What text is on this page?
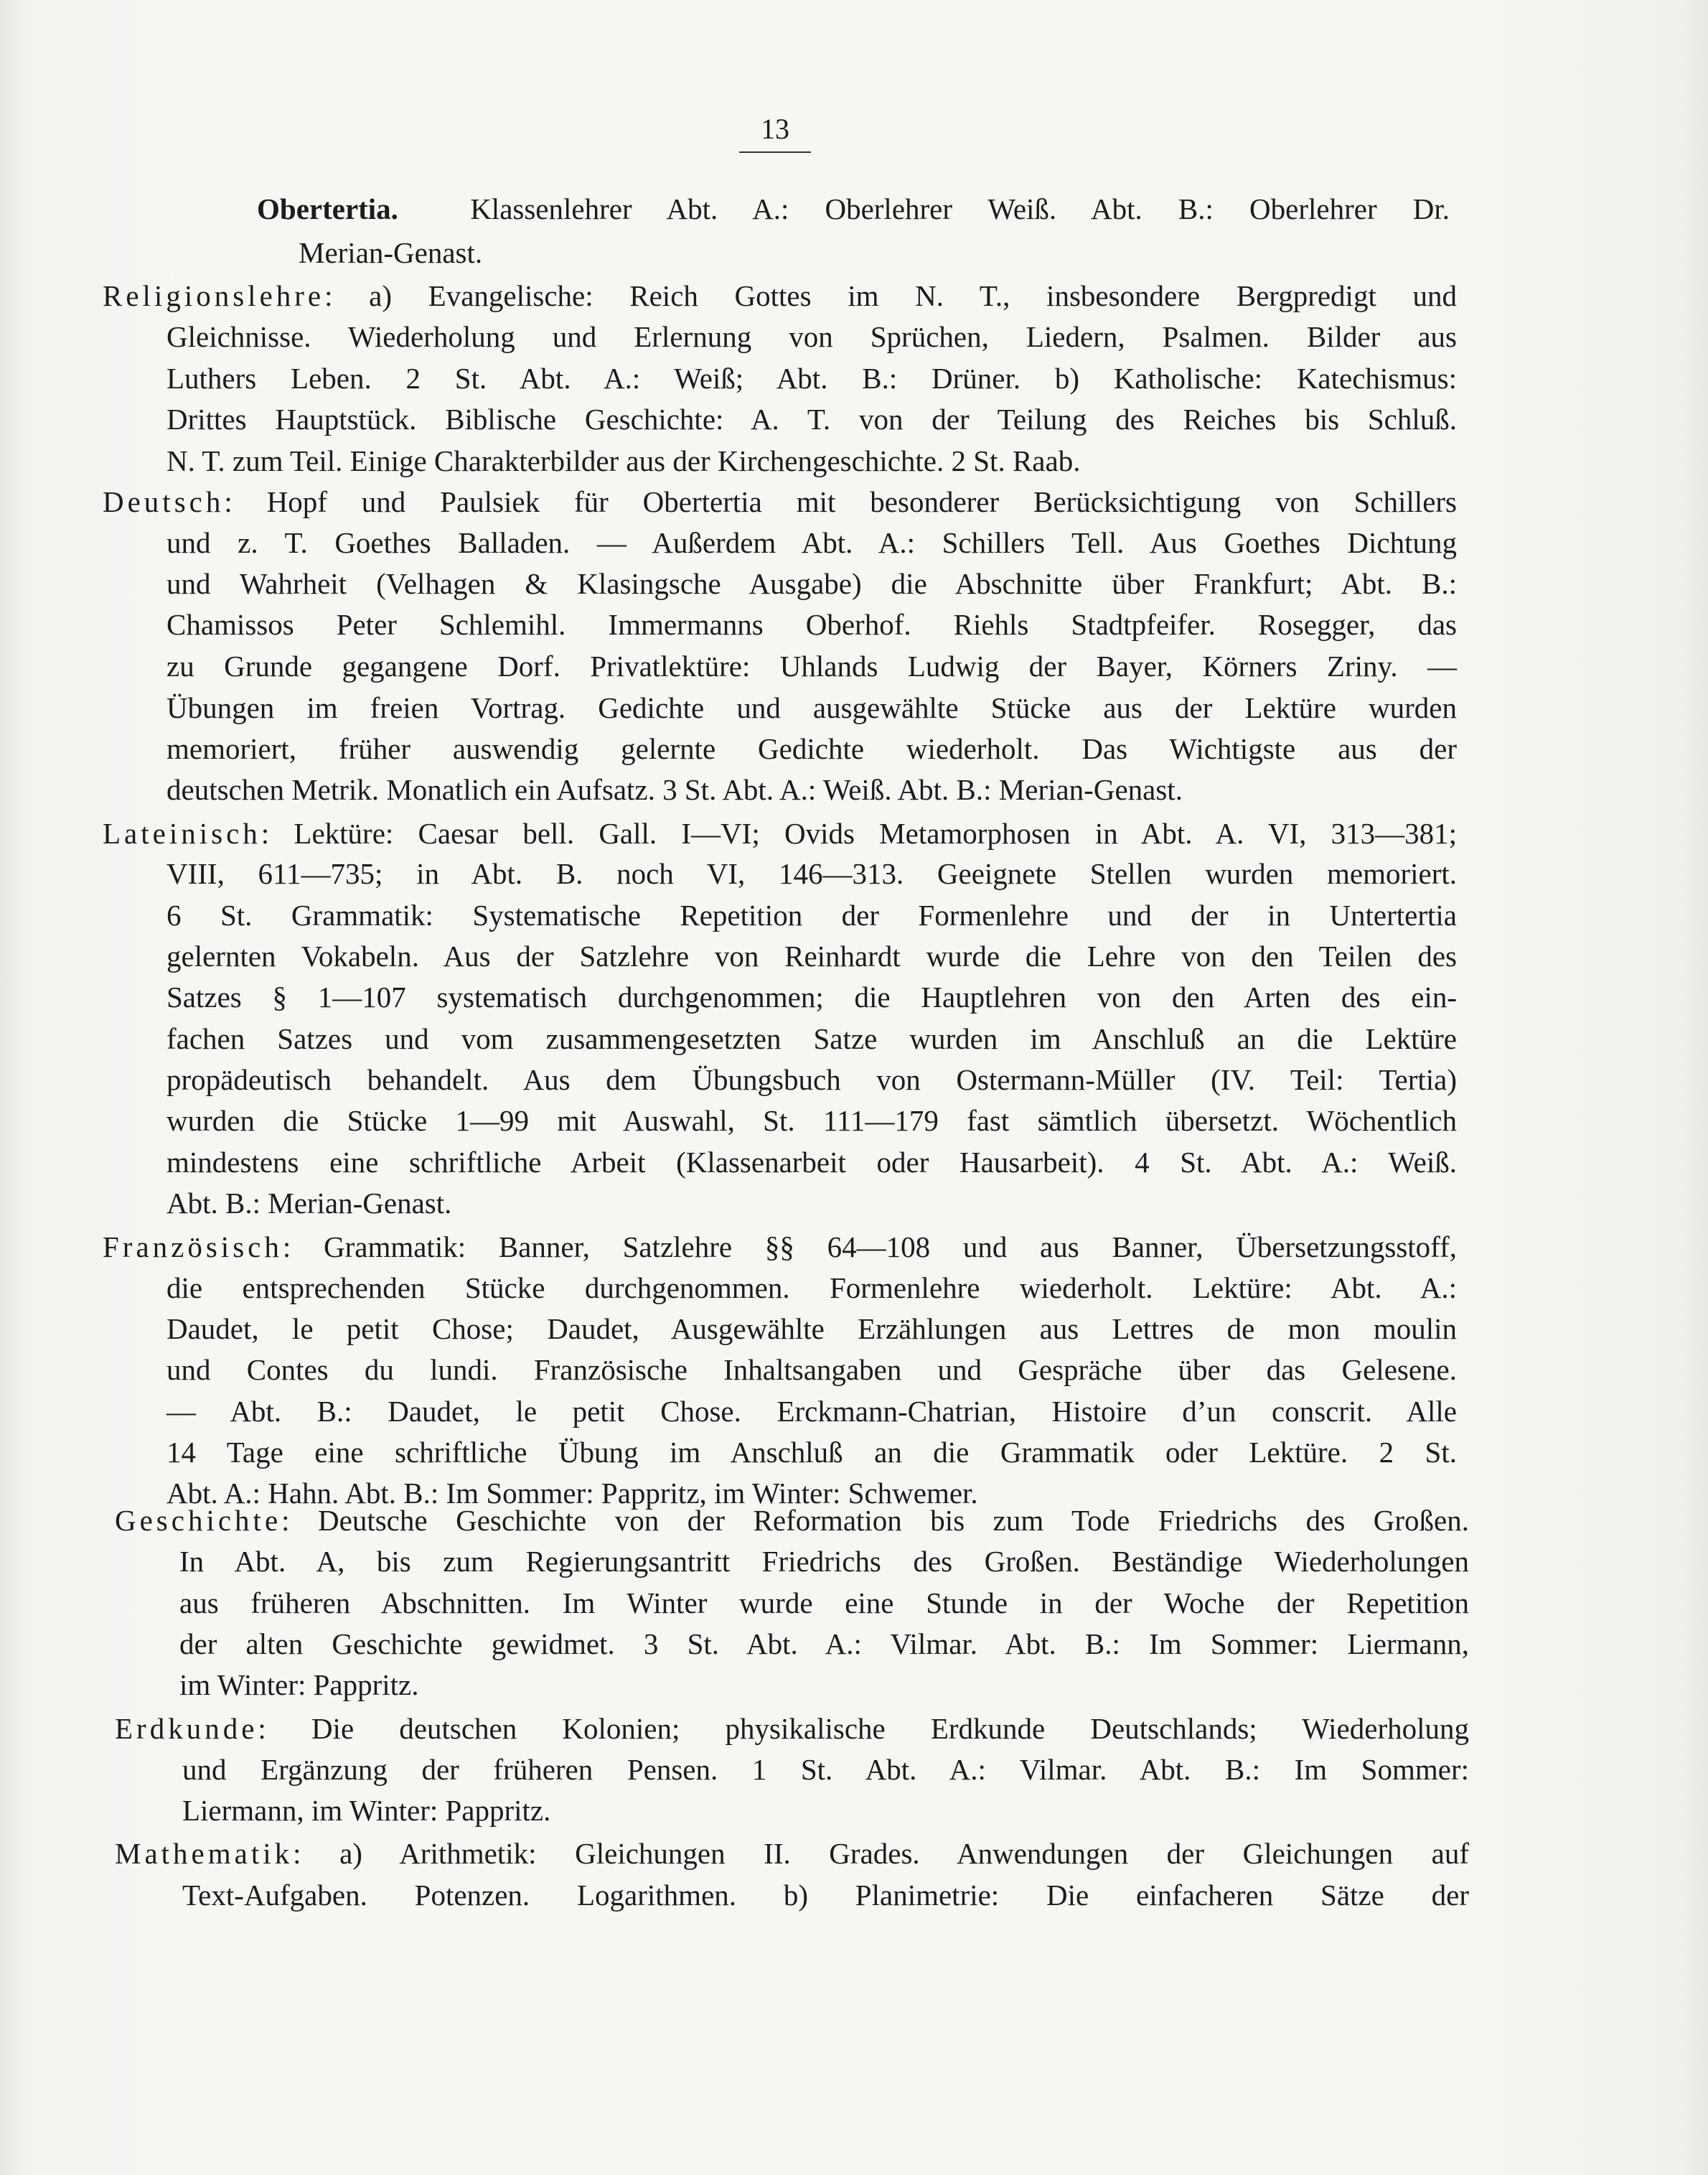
13
Obertertia. Klassenlehrer Abt. A.: Oberlehrer Weiß. Abt. B.: Oberlehrer Dr.
Merian-Genast.
Religionslehre: a) Evangelische: Reich Gottes im N. T., insbesondere Bergpredigt und
Gleichnisse. Wiederholung und Erlernung von Sprüchen, Liedern, Psalmen. Bilder aus
Luthers Leben. 2 St. Abt. A.: Weiß; Abt. B.: Drüner. b) Katholische: Katechismus:
Drittes Hauptstück. Biblische Geschichte: A. T. von der Teilung des Reiches bis Schluß.
N. T. zum Teil. Einige Charakterbilder aus der Kirchengeschichte. 2 St. Raab.
Deutsch: Hopf und Paulsiek für Obertertia mit besonderer Berücksichtigung von Schillers
und z. T. Goethes Balladen. — Außerdem Abt. A.: Schillers Tell. Aus Goethes Dichtung
und Wahrheit (Velhagen & Klasingsche Ausgabe) die Abschnitte über Frankfurt; Abt. B.:
Chamissos Peter Schlemihl. Immermanns Oberhof. Riehls Stadtpfeifer. Rosegger, das
zu Grunde gegangene Dorf. Privatlektüre: Uhlands Ludwig der Bayer, Körners Zriny. —
Übungen im freien Vortrag. Gedichte und ausgewählte Stücke aus der Lektüre wurden
memoriert, früher auswendig gelernte Gedichte wiederholt. Das Wichtigste aus der
deutschen Metrik. Monatlich ein Aufsatz. 3 St. Abt. A.: Weiß. Abt. B.: Merian-Genast.
Lateinisch: Lektüre: Caesar bell. Gall. I—VI; Ovids Metamorphosen in Abt. A. VI, 313—381;
VIII, 611—735; in Abt. B. noch VI, 146—313. Geeignete Stellen wurden memoriert.
6 St. Grammatik: Systematische Repetition der Formenlehre und der in Untertertia
gelernten Vokabeln. Aus der Satzlehre von Reinhardt wurde die Lehre von den Teilen des
Satzes § 1—107 systematisch durchgenommen; die Hauptlehren von den Arten des ein-
fachen Satzes und vom zusammengesetzten Satze wurden im Anschluß an die Lektüre
propädeutisch behandelt. Aus dem Übungsbuch von Ostermann-Müller (IV. Teil: Tertia)
wurden die Stücke 1—99 mit Auswahl, St. 111—179 fast sämtlich übersetzt. Wöchentlich
mindestens eine schriftliche Arbeit (Klassenarbeit oder Hausarbeit). 4 St. Abt. A.: Weiß.
Abt. B.: Merian-Genast.
Französisch: Grammatik: Banner, Satzlehre §§ 64—108 und aus Banner, Übersetzungsstoff,
die entsprechenden Stücke durchgenommen. Formenlehre wiederholt. Lektüre: Abt. A.:
Daudet, le petit Chose; Daudet, Ausgewählte Erzählungen aus Lettres de mon moulin
und Contes du lundi. Französische Inhaltsangaben und Gespräche über das Gelesene.
— Abt. B.: Daudet, le petit Chose. Erckmann-Chatrian, Histoire d’un conscrit. Alle
14 Tage eine schriftliche Übung im Anschluß an die Grammatik oder Lektüre. 2 St.
Abt. A.: Hahn. Abt. B.: Im Sommer: Pappritz, im Winter: Schwemer.
Geschichte: Deutsche Geschichte von der Reformation bis zum Tode Friedrichs des Großen.
In Abt. A, bis zum Regierungsantritt Friedrichs des Großen. Beständige Wiederholungen
aus früheren Abschnitten. Im Winter wurde eine Stunde in der Woche der Repetition
der alten Geschichte gewidmet. 3 St. Abt. A.: Vilmar. Abt. B.: Im Sommer: Liermann,
im Winter: Pappritz.
Erdkunde: Die deutschen Kolonien; physikalische Erdkunde Deutschlands; Wiederholung
und Ergänzung der früheren Pensen. 1 St. Abt. A.: Vilmar. Abt. B.: Im Sommer:
Liermann, im Winter: Pappritz.
Mathematik: a) Arithmetik: Gleichungen II. Grades. Anwendungen der Gleichungen auf
Text-Aufgaben. Potenzen. Logarithmen. b) Planimetrie: Die einfacheren Sätze der
